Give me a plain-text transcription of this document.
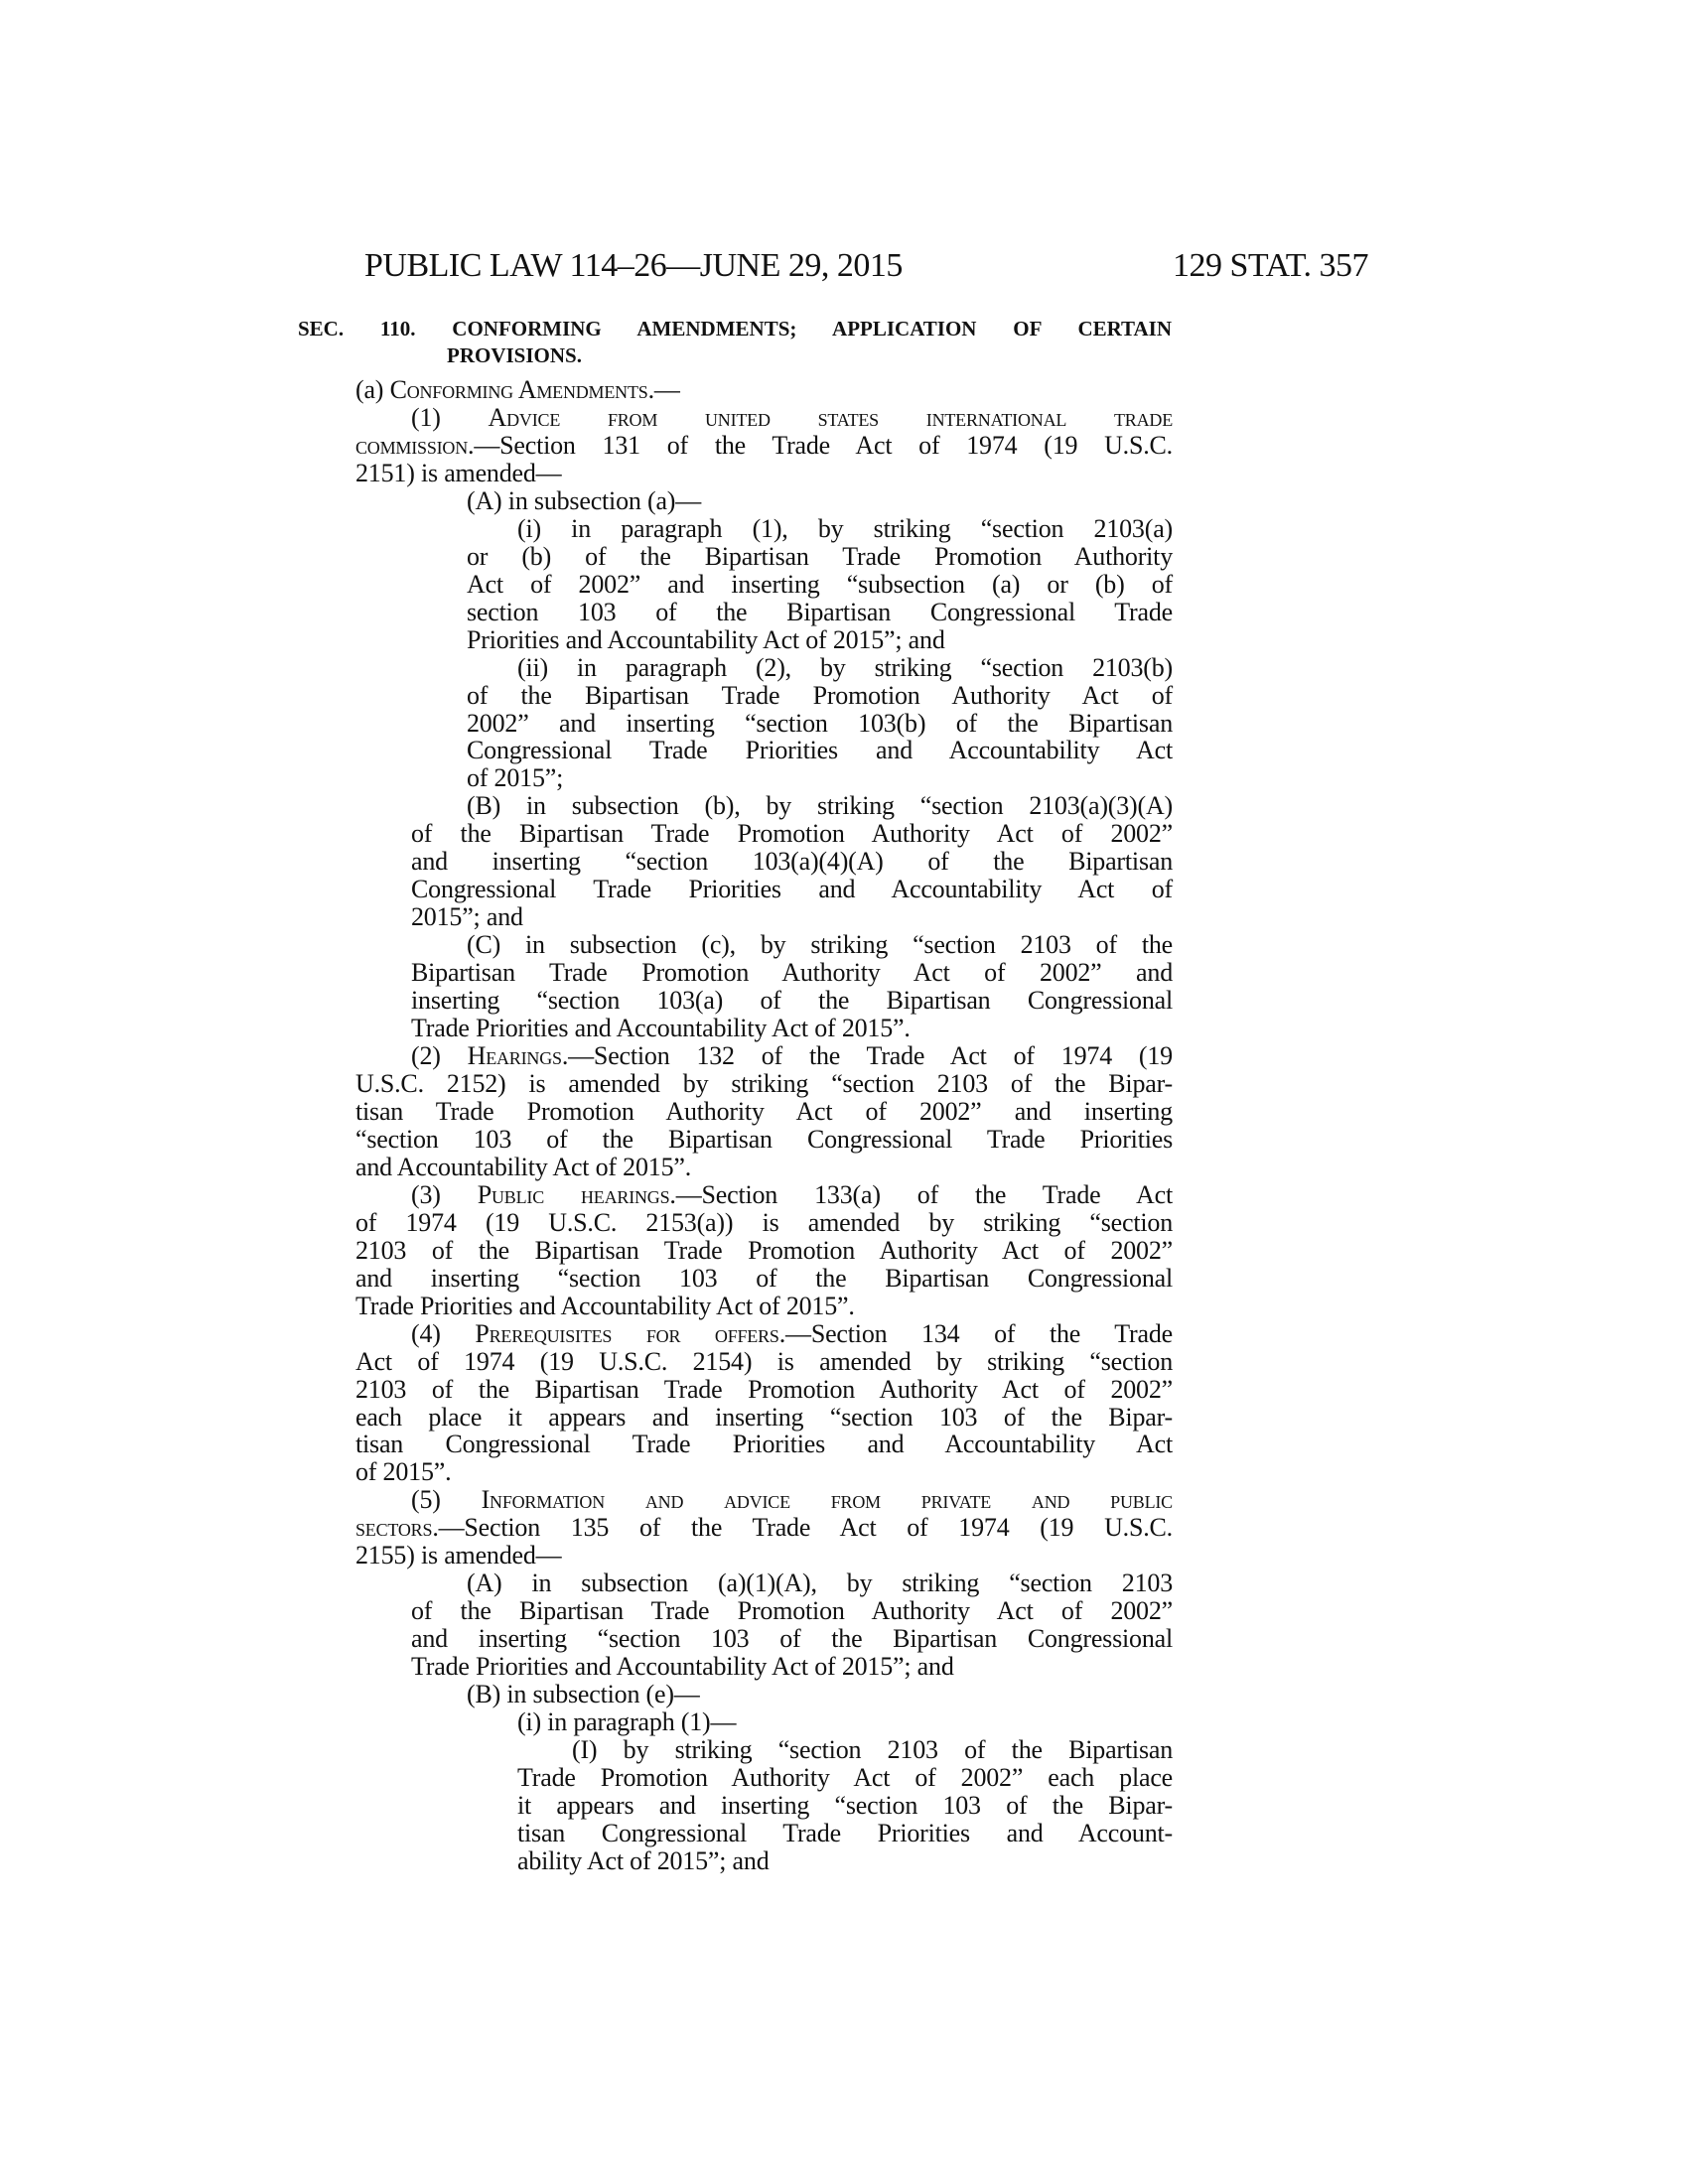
PUBLIC LAW 114–26—JUNE 29, 2015	129 STAT. 357
SEC. 110. CONFORMING AMENDMENTS; APPLICATION OF CERTAIN
PROVISIONS.
(a) Conforming Amendments.—
(1) Advice from united states international trade
commission.—Section 131 of the Trade Act of 1974 (19 U.S.C.
2151) is amended—
(A) in subsection (a)—
(i) in paragraph (1), by striking “section 2103(a)
or (b) of the Bipartisan Trade Promotion Authority
Act of 2002” and inserting “subsection (a) or (b) of
section 103 of the Bipartisan Congressional Trade
Priorities and Accountability Act of 2015”; and
(ii) in paragraph (2), by striking “section 2103(b)
of the Bipartisan Trade Promotion Authority Act of
2002” and inserting “section 103(b) of the Bipartisan
Congressional Trade Priorities and Accountability Act
of 2015”;
(B) in subsection (b), by striking “section 2103(a)(3)(A)
of the Bipartisan Trade Promotion Authority Act of 2002”
and inserting “section 103(a)(4)(A) of the Bipartisan
Congressional Trade Priorities and Accountability Act of
2015”; and
(C) in subsection (c), by striking “section 2103 of the
Bipartisan Trade Promotion Authority Act of 2002” and
inserting “section 103(a) of the Bipartisan Congressional
Trade Priorities and Accountability Act of 2015”.
(2) Hearings.—Section 132 of the Trade Act of 1974 (19
U.S.C. 2152) is amended by striking “section 2103 of the Bipar-
tisan Trade Promotion Authority Act of 2002” and inserting
“section 103 of the Bipartisan Congressional Trade Priorities
and Accountability Act of 2015”.
(3) Public hearings.—Section 133(a) of the Trade Act
of 1974 (19 U.S.C. 2153(a)) is amended by striking “section
2103 of the Bipartisan Trade Promotion Authority Act of 2002”
and inserting “section 103 of the Bipartisan Congressional
Trade Priorities and Accountability Act of 2015”.
(4) Prerequisites for offers.—Section 134 of the Trade
Act of 1974 (19 U.S.C. 2154) is amended by striking “section
2103 of the Bipartisan Trade Promotion Authority Act of 2002”
each place it appears and inserting “section 103 of the Bipar-
tisan Congressional Trade Priorities and Accountability Act
of 2015”.
(5) Information and advice from private and public
sectors.—Section 135 of the Trade Act of 1974 (19 U.S.C.
2155) is amended—
(A) in subsection (a)(1)(A), by striking “section 2103
of the Bipartisan Trade Promotion Authority Act of 2002”
and inserting “section 103 of the Bipartisan Congressional
Trade Priorities and Accountability Act of 2015”; and
(B) in subsection (e)—
(i) in paragraph (1)—
(I) by striking “section 2103 of the Bipartisan
Trade Promotion Authority Act of 2002” each place
it appears and inserting “section 103 of the Bipar-
tisan Congressional Trade Priorities and Account-
ability Act of 2015”; and
